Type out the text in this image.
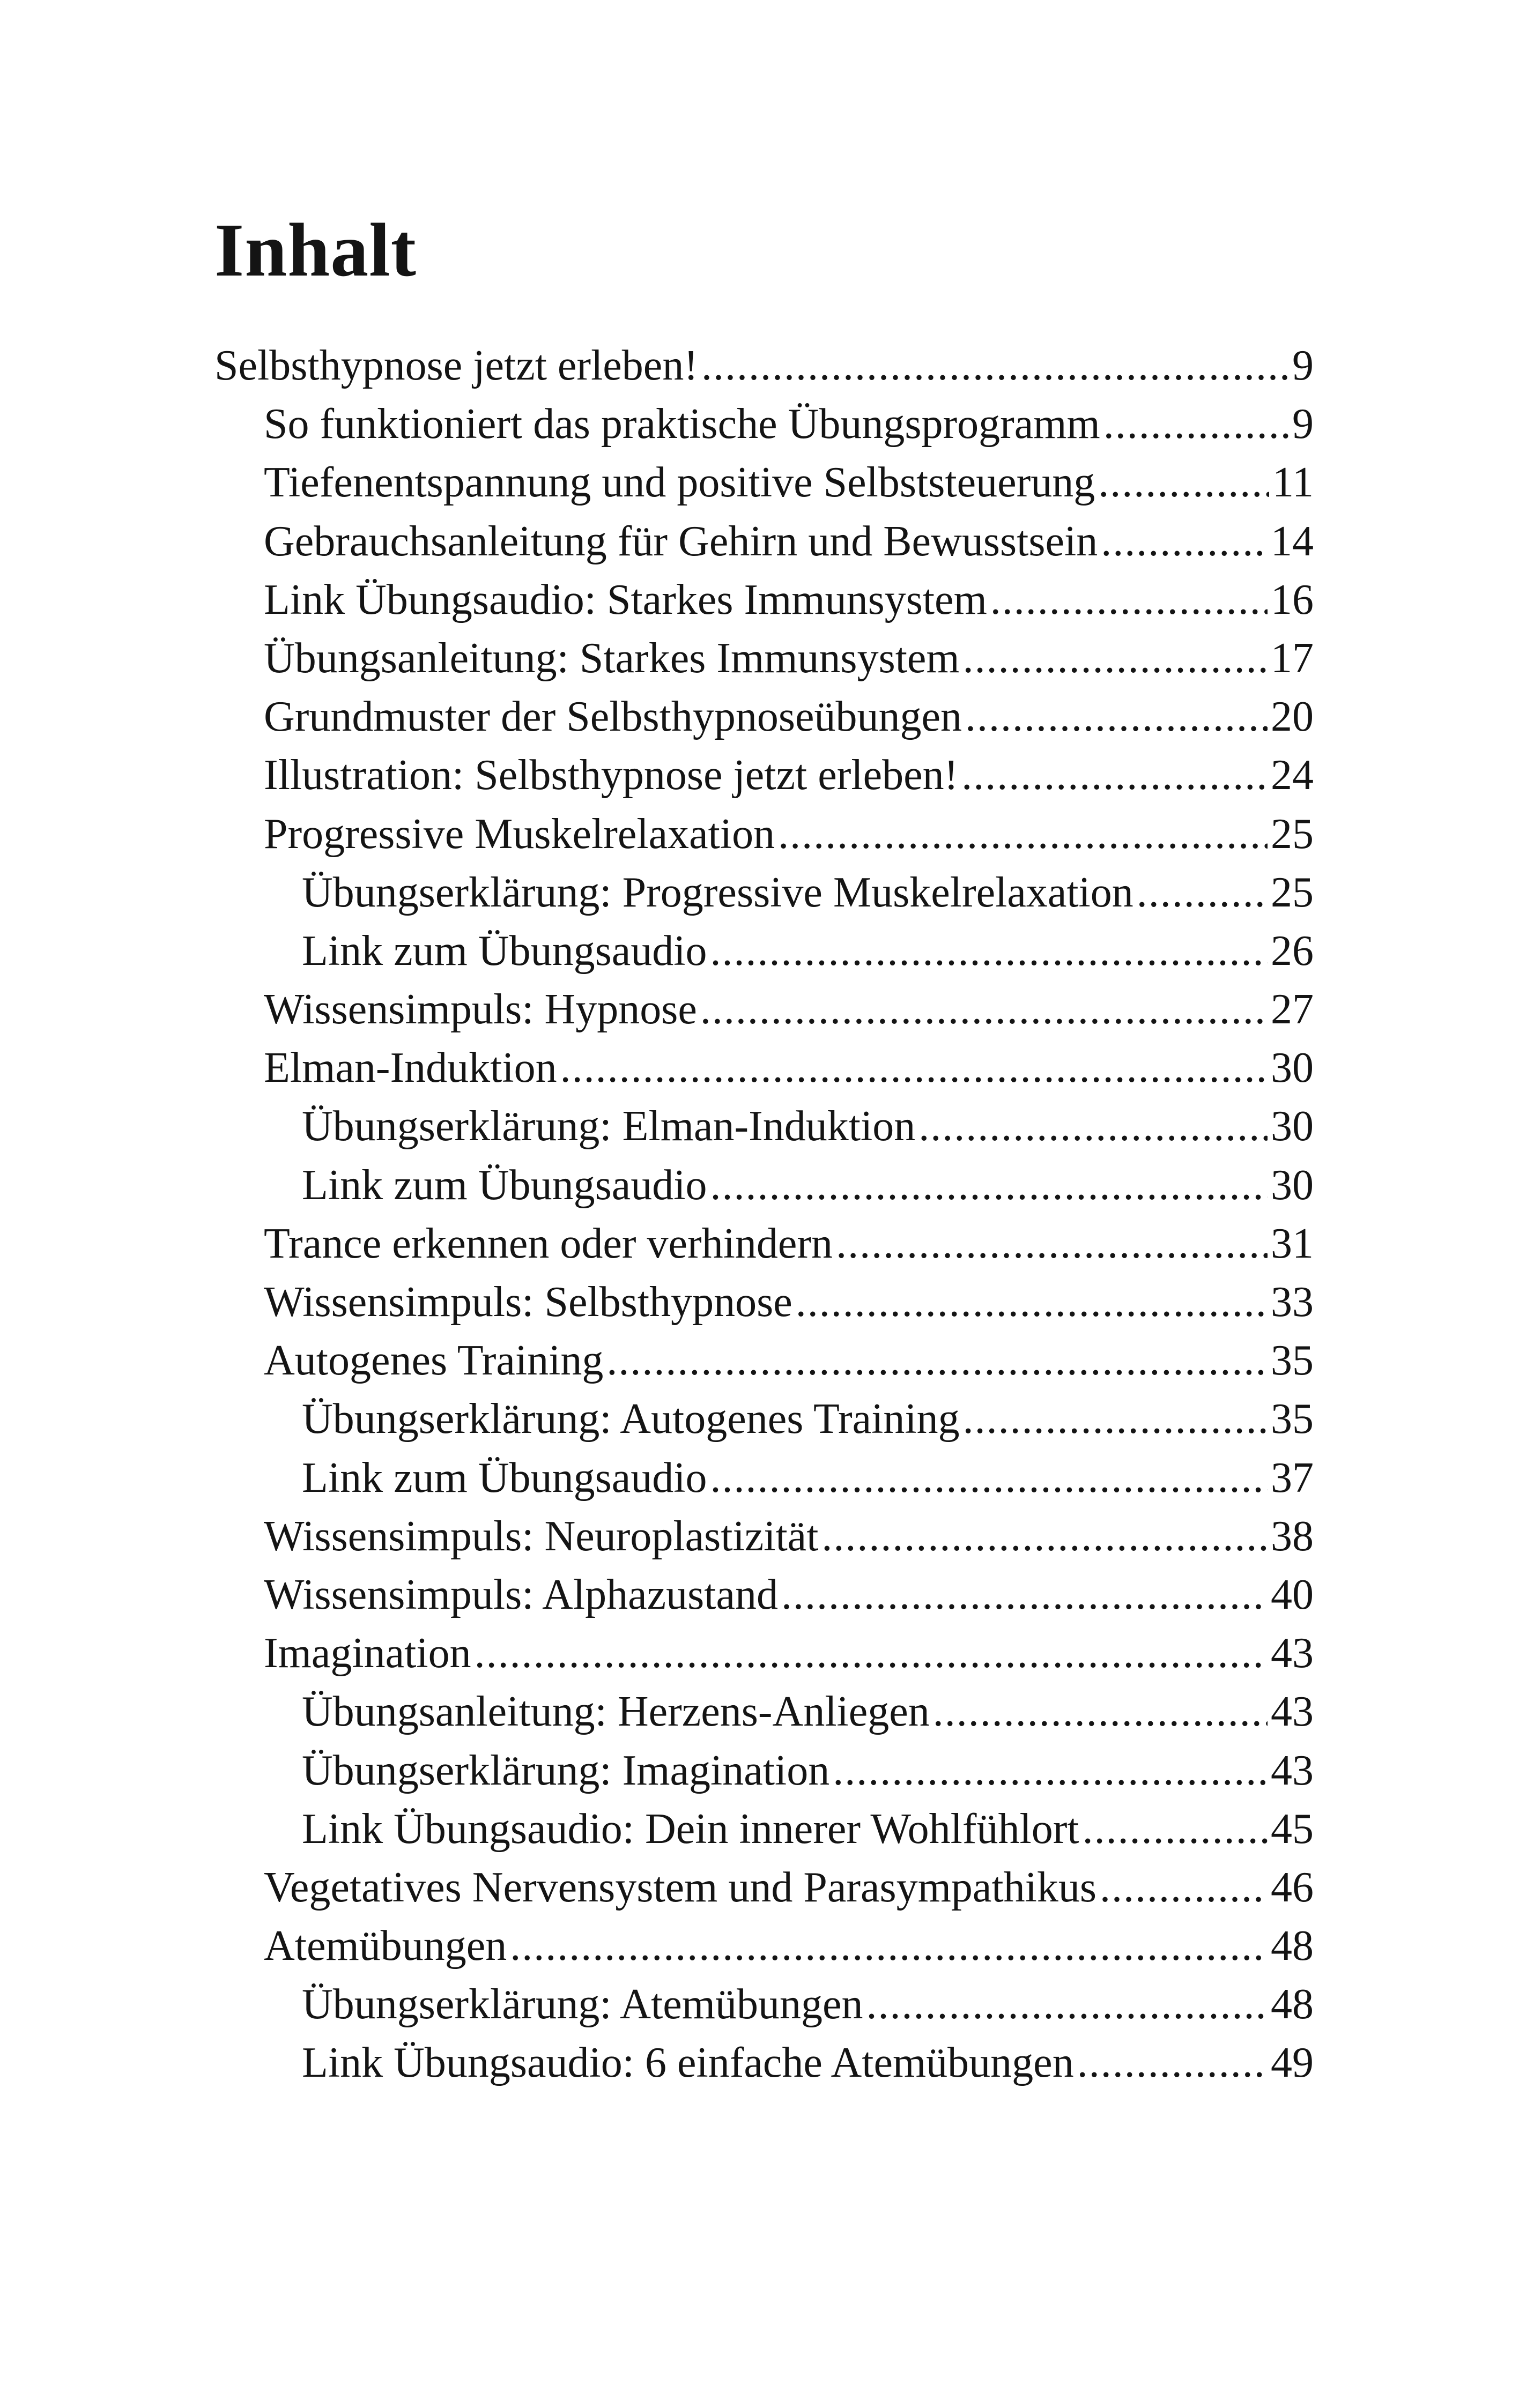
Inhalt
Selbsthypnose jetzt erleben! .....	9
So funktioniert das praktische Übungsprogramm .....	9
Tiefenentspannung und positive Selbststeuerung .....	11
Gebrauchsanleitung für Gehirn und Bewusstsein .....	14
Link Übungsaudio: Starkes Immunsystem .....	16
Übungsanleitung: Starkes Immunsystem .....	17
Grundmuster der Selbsthypnoseübungen .....	20
Illustration: Selbsthypnose jetzt erleben! .....	24
Progressive Muskelrelaxation .....	25
Übungserklärung: Progressive Muskelrelaxation .....	25
Link zum Übungsaudio .....	26
Wissensimpuls: Hypnose .....	27
Elman-Induktion .....	30
Übungserklärung: Elman-Induktion .....	30
Link zum Übungsaudio .....	30
Trance erkennen oder verhindern .....	31
Wissensimpuls: Selbsthypnose .....	33
Autogenes Training .....	35
Übungserklärung: Autogenes Training .....	35
Link zum Übungsaudio .....	37
Wissensimpuls: Neuroplastizität .....	38
Wissensimpuls: Alphazustand .....	40
Imagination .....	43
Übungsanleitung: Herzens-Anliegen .....	43
Übungserklärung: Imagination .....	43
Link Übungsaudio: Dein innerer Wohlfühlort .....	45
Vegetatives Nervensystem und Parasympathikus .....	46
Atemübungen .....	48
Übungserklärung: Atemübungen .....	48
Link Übungsaudio: 6 einfache Atemübungen .....	49
